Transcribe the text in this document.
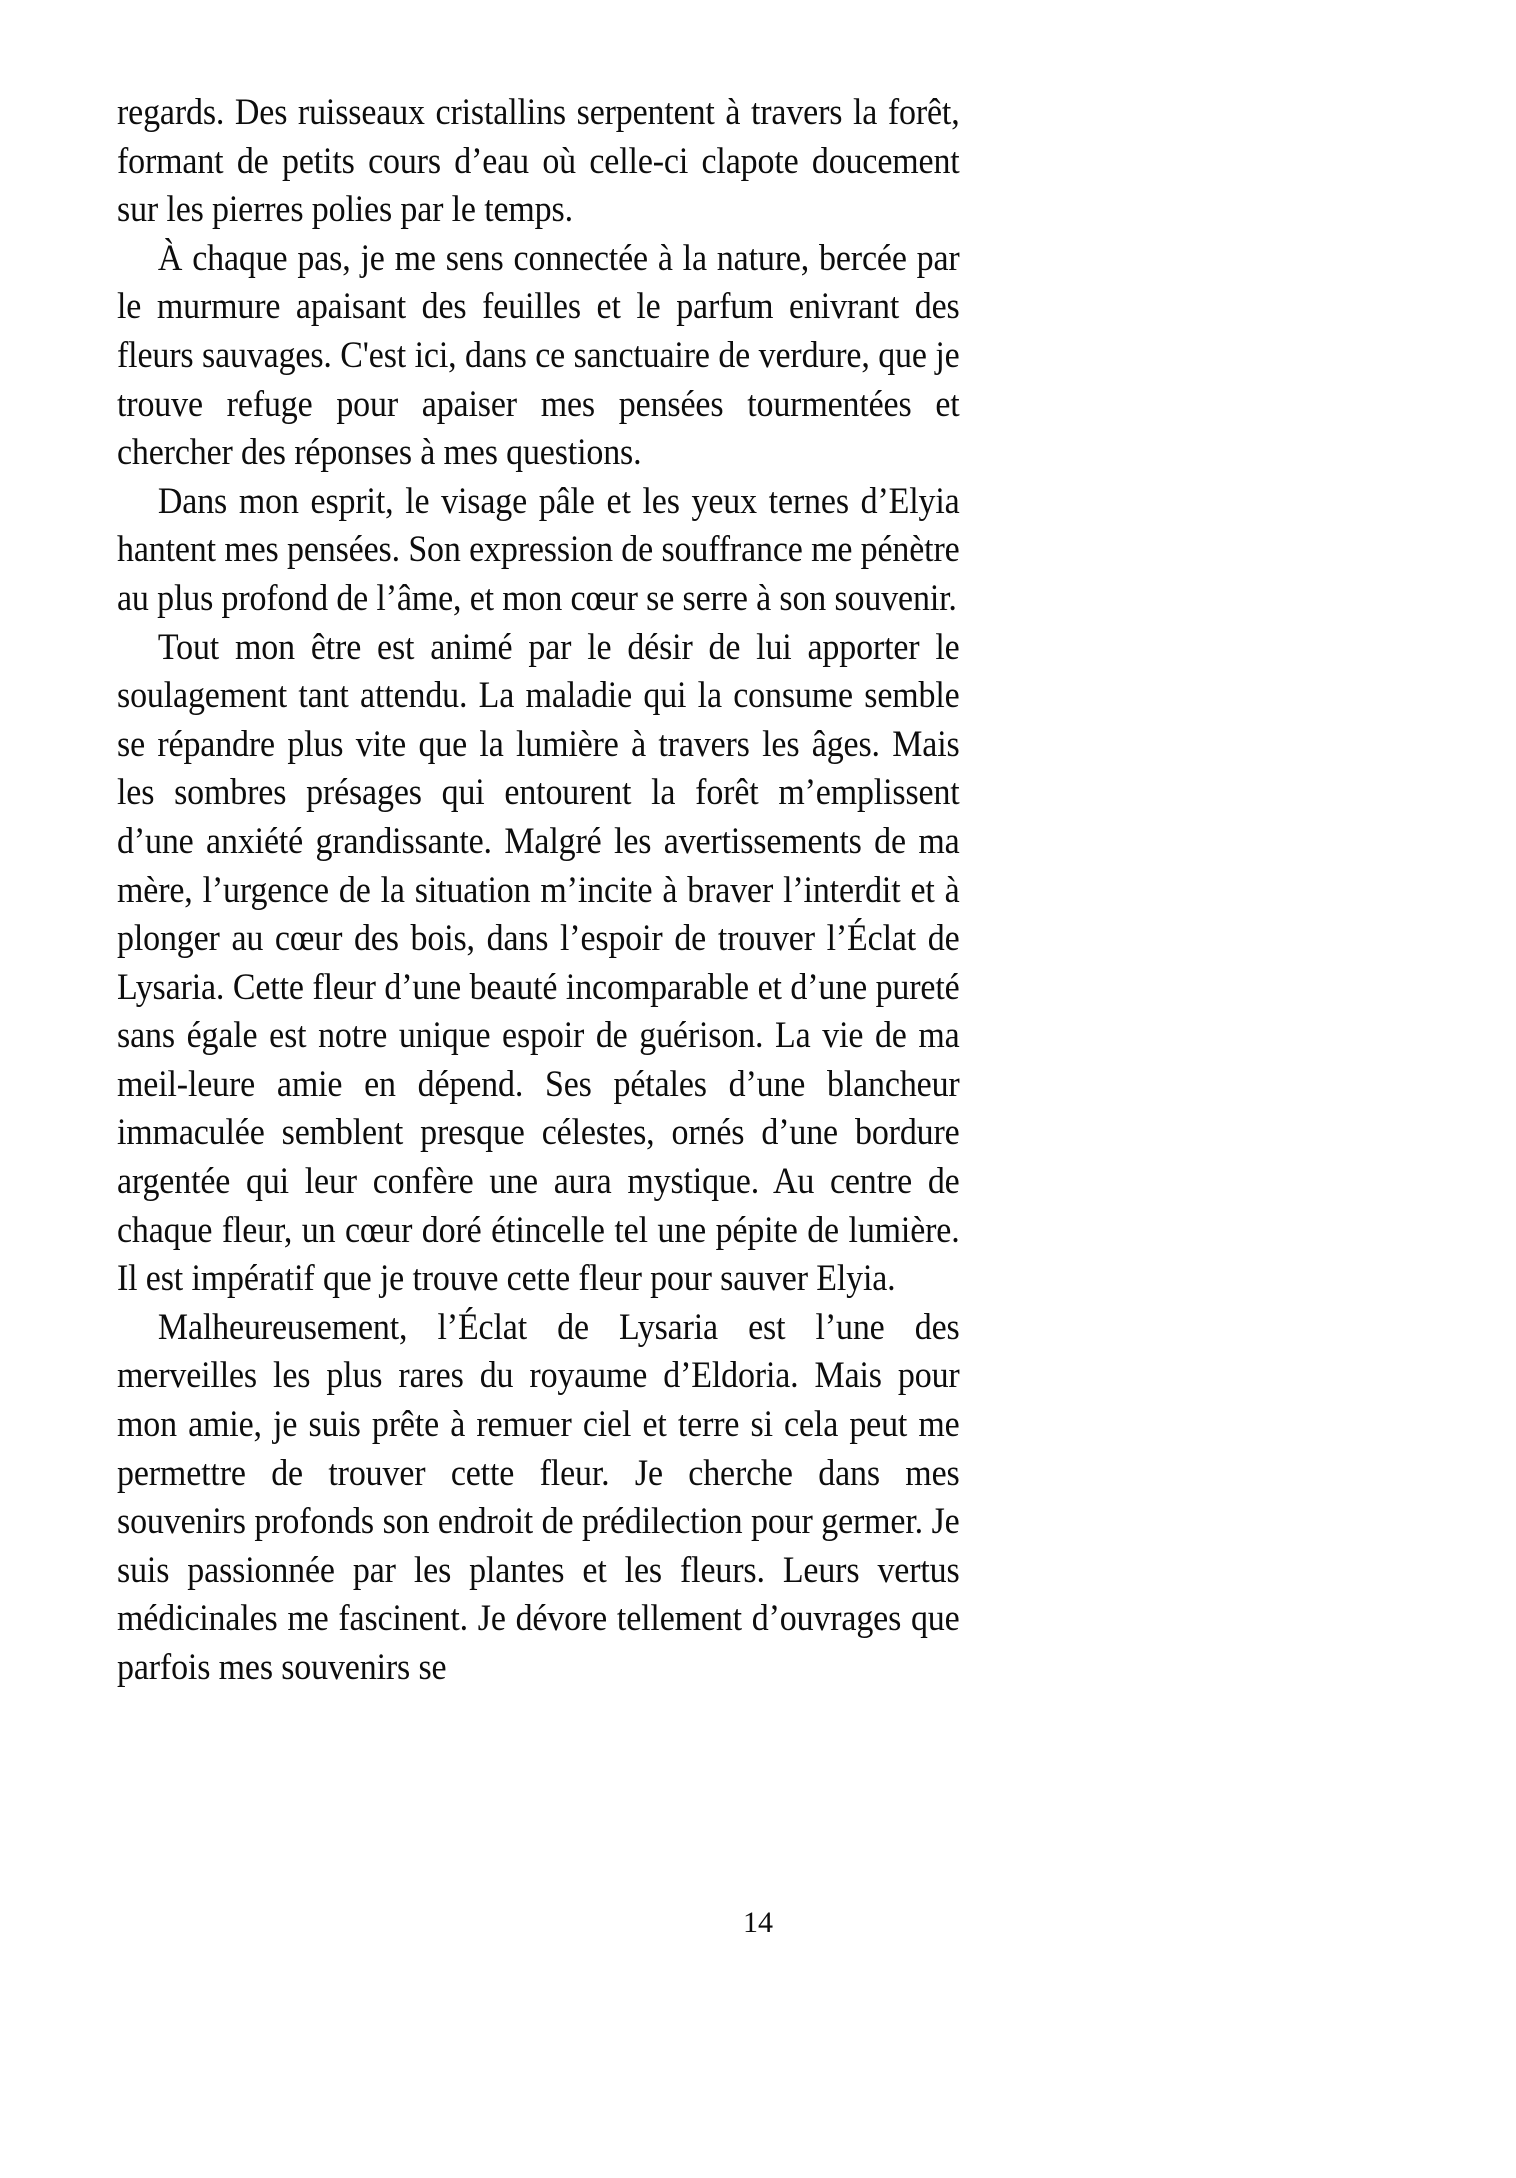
regards. Des ruisseaux cristallins serpentent à travers la forêt, formant de petits cours d’eau où celle-ci clapote doucement sur les pierres polies par le temps.

À chaque pas, je me sens connectée à la nature, bercée par le murmure apaisant des feuilles et le parfum enivrant des fleurs sauvages. C'est ici, dans ce sanctuaire de verdure, que je trouve refuge pour apaiser mes pensées tourmentées et chercher des réponses à mes questions.

Dans mon esprit, le visage pâle et les yeux ternes d’Elyia hantent mes pensées. Son expression de souffrance me pénètre au plus profond de l’âme, et mon cœur se serre à son souvenir.

Tout mon être est animé par le désir de lui apporter le soulagement tant attendu. La maladie qui la consume semble se répandre plus vite que la lumière à travers les âges. Mais les sombres présages qui entourent la forêt m’emplissent d’une anxiété grandissante. Malgré les avertissements de ma mère, l’urgence de la situation m’incite à braver l’interdit et à plonger au cœur des bois, dans l’espoir de trouver l’Éclat de Lysaria. Cette fleur d’une beauté incomparable et d’une pureté sans égale est notre unique espoir de guérison. La vie de ma meil-leure amie en dépend. Ses pétales d’une blancheur immaculée semblent presque célestes, ornés d’une bordure argentée qui leur confère une aura mystique. Au centre de chaque fleur, un cœur doré étincelle tel une pépite de lumière. Il est impératif que je trouve cette fleur pour sauver Elyia.

Malheureusement, l’Éclat de Lysaria est l’une des merveilles les plus rares du royaume d’Eldoria. Mais pour mon amie, je suis prête à remuer ciel et terre si cela peut me permettre de trouver cette fleur. Je cherche dans mes souvenirs profonds son endroit de prédilection pour germer. Je suis passionnée par les plantes et les fleurs. Leurs vertus médicinales me fascinent. Je dévore tellement d’ouvrages que parfois mes souvenirs se

14
